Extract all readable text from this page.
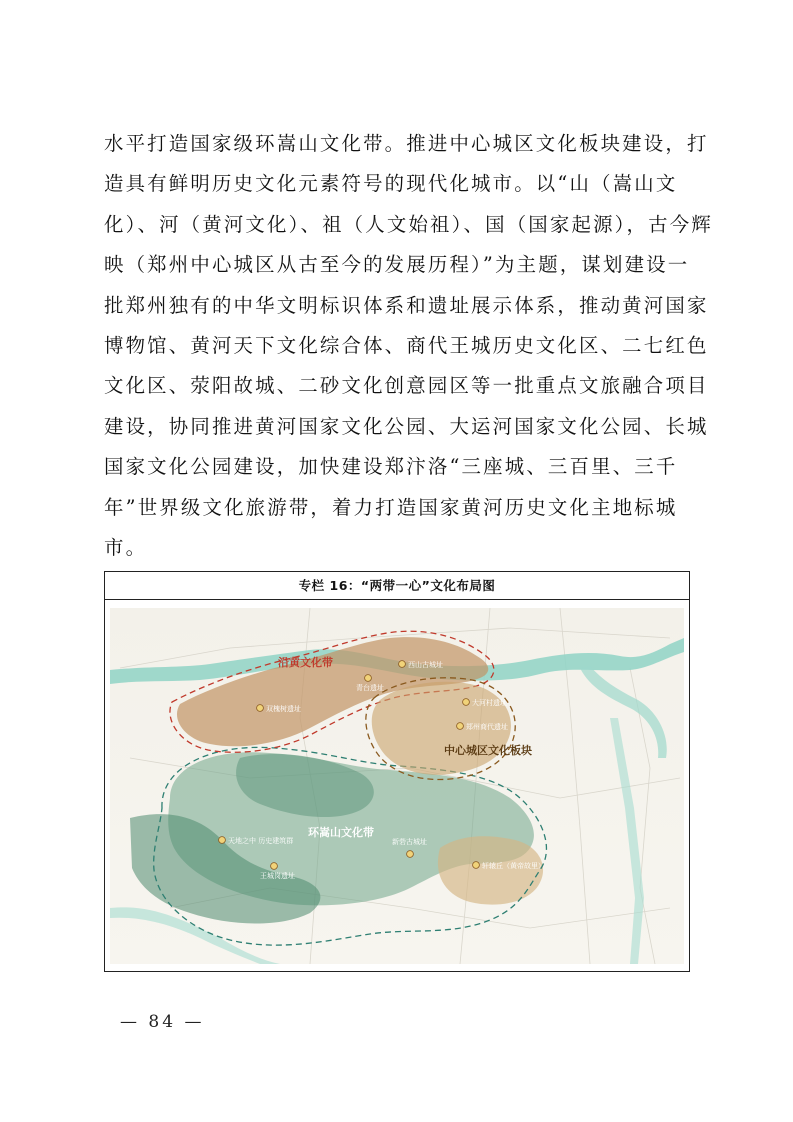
水平打造国家级环嵩山文化带。推进中心城区文化板块建设，打
造具有鲜明历史文化元素符号的现代化城市。以“山（嵩山文
化）、河（黄河文化）、祖（人文始祖）、国（国家起源），古今辉
映（郑州中心城区从古至今的发展历程）”为主题，谋划建设一
批郑州独有的中华文明标识体系和遗址展示体系，推动黄河国家
博物馆、黄河天下文化综合体、商代王城历史文化区、二七红色
文化区、荥阳故城、二砂文化创意园区等一批重点文旅融合项目
建设，协同推进黄河国家文化公园、大运河国家文化公园、长城
国家文化公园建设，加快建设郑汴洛“三座城、三百里、三千
年”世界级文化旅游带，着力打造国家黄河历史文化主地标城
市。
专栏 16：“两带一心”文化布局图
沿黄文化带
中心城区文化板块
环嵩山文化带
西山古城址
青台遗址
双槐树遗址
大河村遗址
郑州商代遗址
天地之中 历史建筑群	新砦古城址
王城岗遗址
轩辕丘（黄帝故里）
— 84 —
